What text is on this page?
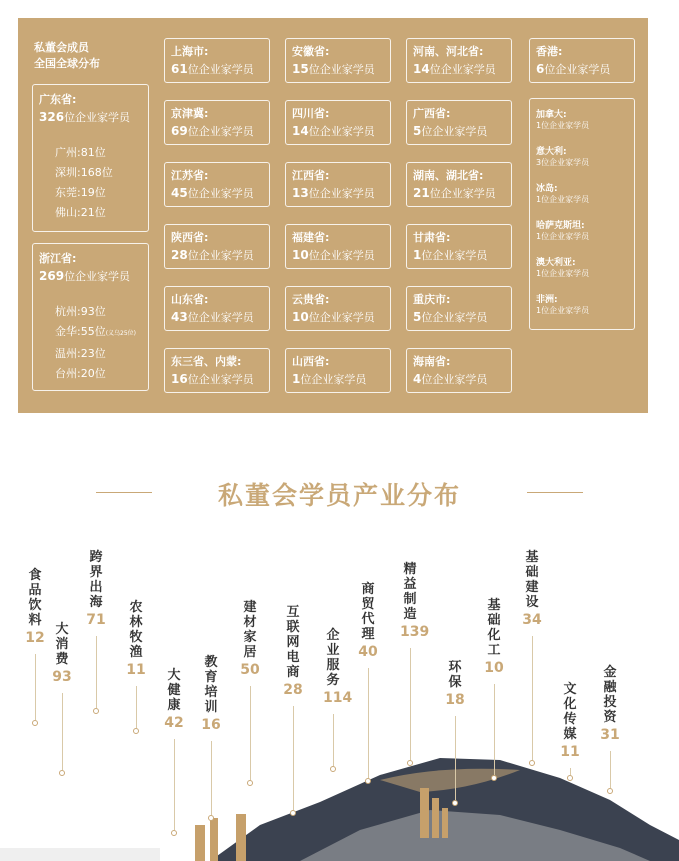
私董会成员
全国全球分布
广东省:
326位企业家学员
广州:81位
深圳:168位
东莞:19位
佛山:21位
浙江省:
269位企业家学员
杭州:93位
金华:55位(义乌25位)
温州:23位
台州:20位
上海市:
61位企业家学员
安徽省:
15位企业家学员
河南、河北省:
14位企业家学员
香港:
6位企业家学员
京津冀:
69位企业家学员
四川省:
14位企业家学员
广西省:
5位企业家学员
江苏省:
45位企业家学员
江西省:
13位企业家学员
湖南、湖北省:
21位企业家学员
陕西省:
28位企业家学员
福建省:
10位企业家学员
甘肃省:
1位企业家学员
山东省:
43位企业家学员
云贵省:
10位企业家学员
重庆市:
5位企业家学员
东三省、内蒙:
16位企业家学员
山西省:
1位企业家学员
海南省:
4位企业家学员
加拿大:
1位企业家学员
意大利:
3位企业家学员
冰岛:
1位企业家学员
哈萨克斯坦:
1位企业家学员
澳大利亚:
1位企业家学员
非洲:
1位企业家学员
私董会学员产业分布
食
品
饮
料
12
大
消
费
93
跨
界
出
海
71
农
林
牧
渔
11 大
健
康
42
教
育
培
训
16
建
材
家
居
50
互
联
网
电
商
28
企
业
服
务
114
商
贸
代
理
40
精
益
制
造
139
环
保
18
基
础
化
工
10
基
础
建
设
34
文
化
传
媒
11
金
融
投
资
31
